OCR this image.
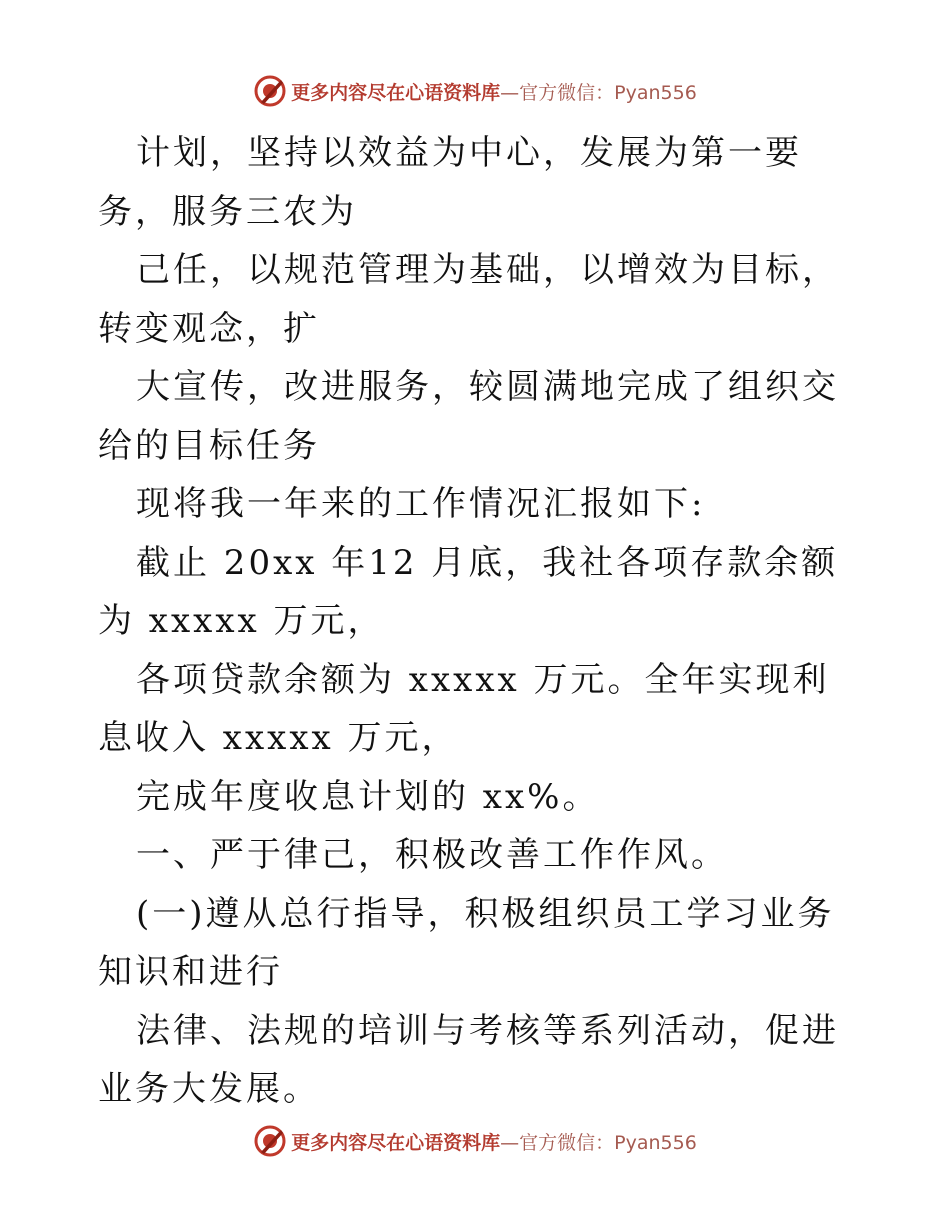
更多内容尽在心语资料库—官方微信：Pyan556

计划，坚持以效益为中心，发展为第一要务，服务三农为

己任，以规范管理为基础，以增效为目标，转变观念，扩

大宣传，改进服务，较圆满地完成了组织交给的目标任务

现将我一年来的工作情况汇报如下:

截止 20xx 年12 月底，我社各项存款余额为 xxxxx 万元，

各项贷款余额为 xxxxx 万元。全年实现利息收入 xxxxx 万元，

完成年度收息计划的 xx%。

一、严于律己，积极改善工作作风。

(一)遵从总行指导，积极组织员工学习业务知识和进行

法律、法规的培训与考核等系列活动，促进业务大发展。

更多内容尽在心语资料库—官方微信：Pyan556
